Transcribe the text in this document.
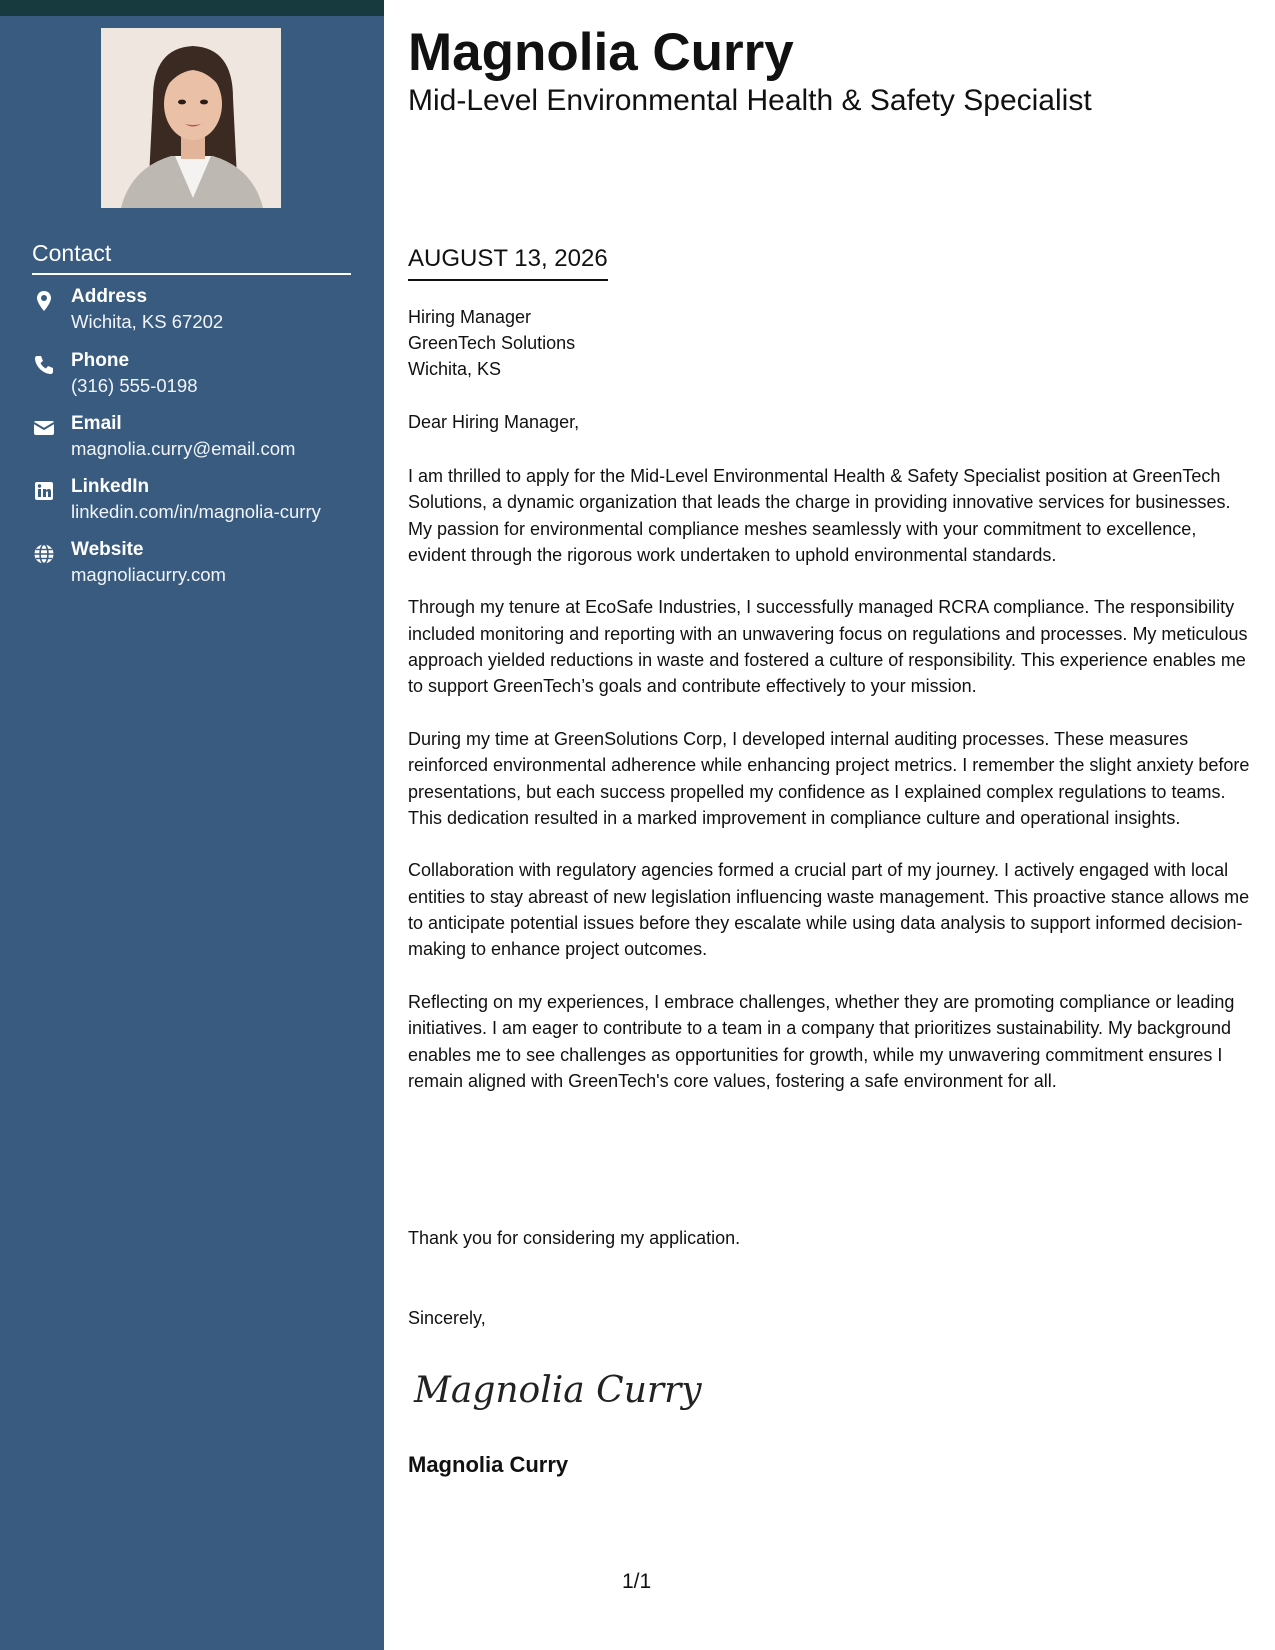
Contact
Address
Wichita, KS 67202
Phone
(316) 555-0198
Email
magnolia.curry@email.com
LinkedIn
linkedin.com/in/magnolia-curry
Website
magnoliacurry.com
Magnolia Curry
Mid-Level Environmental Health & Safety Specialist
AUGUST 13, 2026
Hiring Manager
GreenTech Solutions
Wichita, KS
Dear Hiring Manager,

I am thrilled to apply for the Mid-Level Environmental Health & Safety Specialist position at GreenTech Solutions, a dynamic organization that leads the charge in providing innovative services for businesses. My passion for environmental compliance meshes seamlessly with your commitment to excellence, evident through the rigorous work undertaken to uphold environmental standards.

Through my tenure at EcoSafe Industries, I successfully managed RCRA compliance. The responsibility included monitoring and reporting with an unwavering focus on regulations and processes. My meticulous approach yielded reductions in waste and fostered a culture of responsibility. This experience enables me to support GreenTech’s goals and contribute effectively to your mission.

During my time at GreenSolutions Corp, I developed internal auditing processes. These measures reinforced environmental adherence while enhancing project metrics. I remember the slight anxiety before presentations, but each success propelled my confidence as I explained complex regulations to teams. This dedication resulted in a marked improvement in compliance culture and operational insights.

Collaboration with regulatory agencies formed a crucial part of my journey. I actively engaged with local entities to stay abreast of new legislation influencing waste management. This proactive stance allows me to anticipate potential issues before they escalate while using data analysis to support informed decision-making to enhance project outcomes.

Reflecting on my experiences, I embrace challenges, whether they are promoting compliance or leading initiatives. I am eager to contribute to a team in a company that prioritizes sustainability. My background enables me to see challenges as opportunities for growth, while my unwavering commitment ensures I remain aligned with GreenTech's core values, fostering a safe environment for all.

Thank you for considering my application.
Sincerely,
Magnolia Curry
Magnolia Curry
1/1
